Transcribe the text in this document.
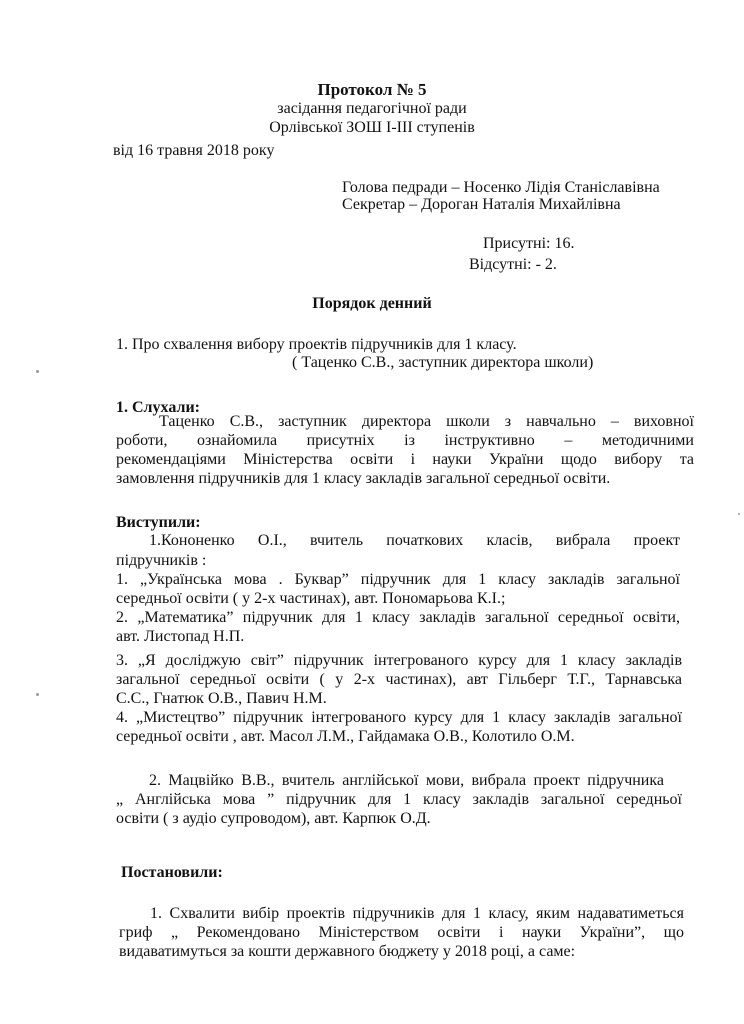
Протокол № 5
засідання педагогічної ради
Орлівської ЗОШ І-ІІІ ступенів
від 16 травня 2018 року
Голова педради – Носенко Лідія Станіславівна
Секретар – Дороган Наталія Михайлівна
Присутні: 16.
Відсутні: - 2.
Порядок денний
1. Про схвалення вибору проектів підручників для 1 класу.
( Таценко С.В., заступник директора школи)
1. Слухали:
Таценко С.В., заступник директора школи з навчально – виховної
роботи, ознайомила присутніх із інструктивно – методичними
рекомендаціями Міністерства освіти і науки України щодо вибору та
замовлення підручників для 1 класу закладів загальної середньої освіти.
Виступили:
1.Кононенко О.І., вчитель початкових класів, вибрала проект
підручників :
1. „Українська мова . Буквар” підручник для 1 класу закладів загальної
середньої освіти ( у 2-х частинах), авт. Пономарьова К.І.;
2. „Математика” підручник для 1 класу закладів загальної середньої освіти,
авт. Листопад Н.П.
3. „Я досліджую світ” підручник інтегрованого курсу для 1 класу закладів
загальної середньої освіти ( у 2-х частинах), авт Гільберг Т.Г., Тарнавська
С.С., Гнатюк О.В., Павич Н.М.
4. „Мистецтво” підручник інтегрованого курсу для 1 класу закладів загальної
середньої освіти , авт. Масол Л.М., Гайдамака О.В., Колотило О.М.
2. Мацвійко В.В., вчитель англійської мови, вибрала проект підручника
„ Англійська мова ” підручник для 1 класу закладів загальної середньої
освіти ( з аудіо супроводом), авт. Карпюк О.Д.
Постановили:
1. Схвалити вибір проектів підручників для 1 класу, яким надаватиметься
гриф „ Рекомендовано Міністерством освіти і науки України”, що
видаватимуться за кошти державного бюджету у 2018 році, а саме:
